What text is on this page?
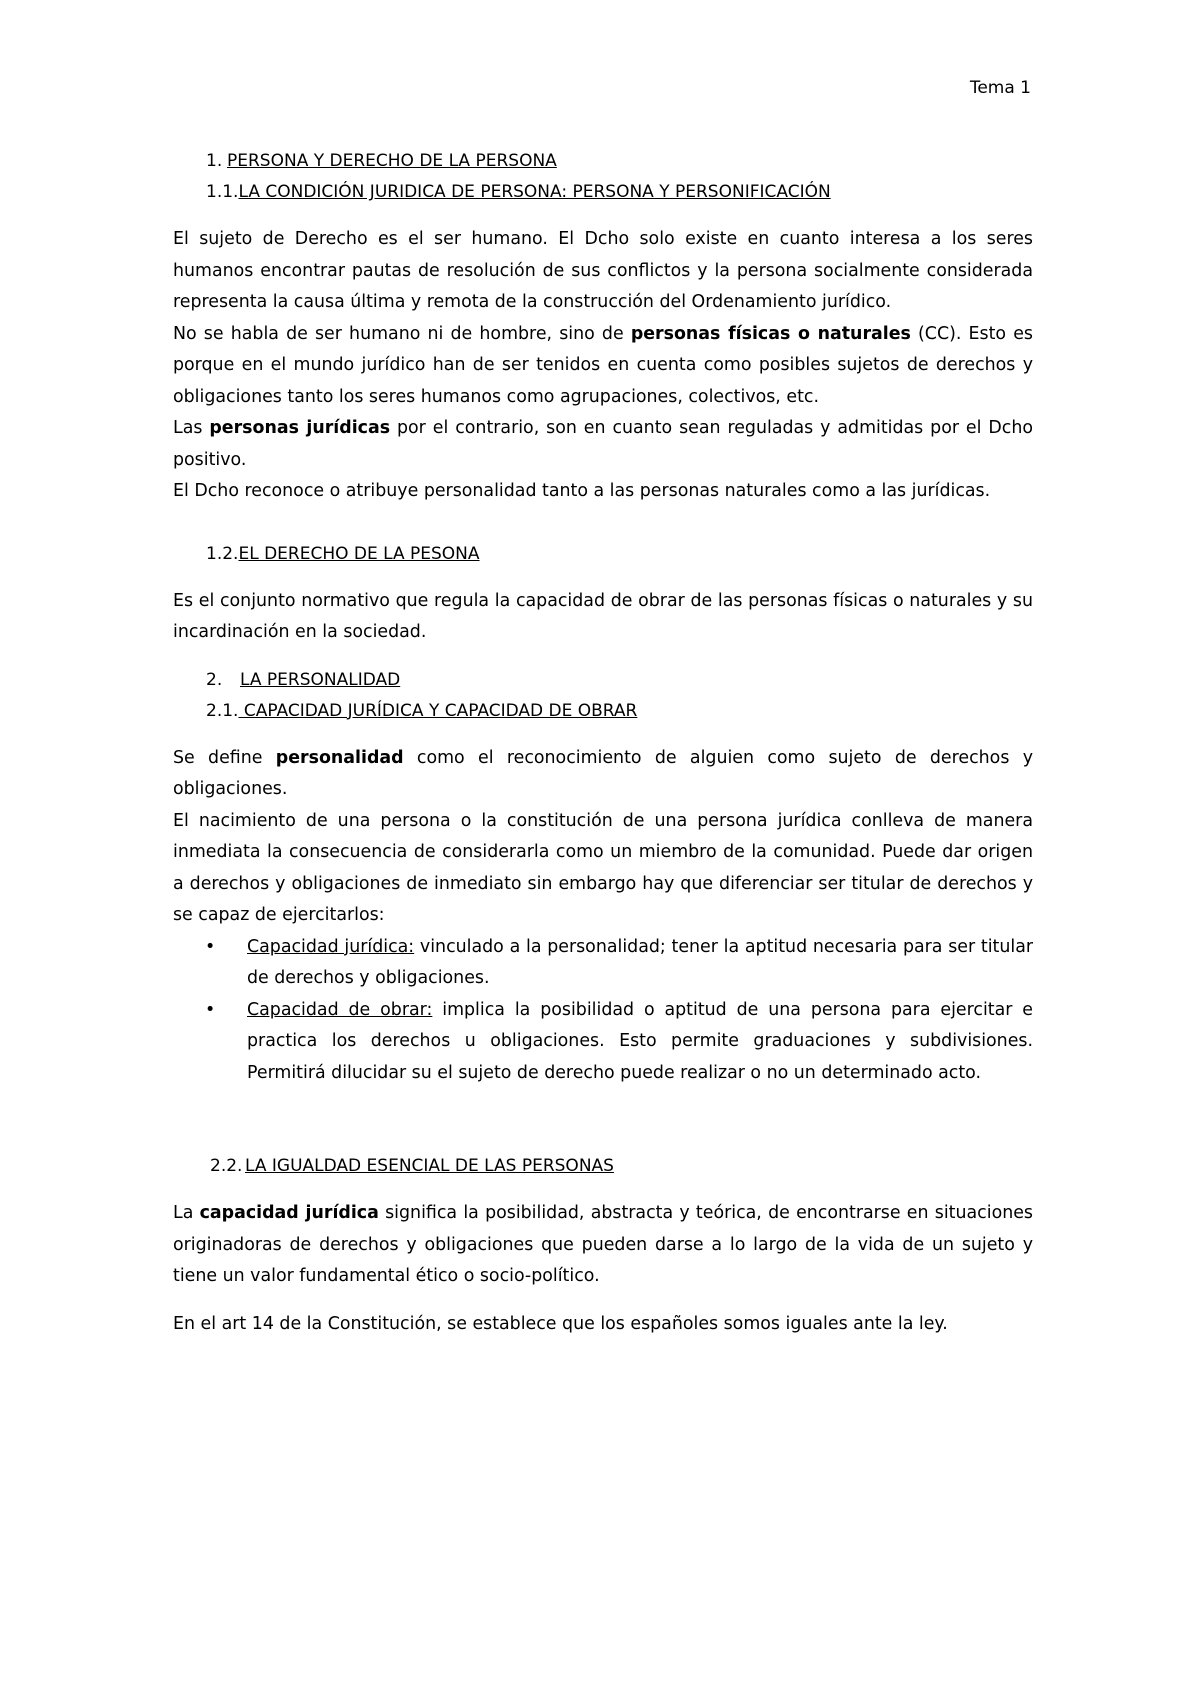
Tema 1
1. PERSONA Y DERECHO DE LA PERSONA
1.1.LA CONDICIÓN JURIDICA DE PERSONA: PERSONA Y PERSONIFICACIÓN

El sujeto de Derecho es el ser humano. El Dcho solo existe en cuanto interesa a los seres humanos encontrar pautas de resolución de sus conflictos y la persona socialmente considerada representa la causa última y remota de la construcción del Ordenamiento jurídico.

No se habla de ser humano ni de hombre, sino de personas físicas o naturales (CC). Esto es porque en el mundo jurídico han de ser tenidos en cuenta como posibles sujetos de derechos y obligaciones tanto los seres humanos como agrupaciones, colectivos, etc.

Las personas jurídicas por el contrario, son en cuanto sean reguladas y admitidas por el Dcho positivo.

El Dcho reconoce o atribuye personalidad tanto a las personas naturales como a las jurídicas.

1.2.EL DERECHO DE LA PESONA

Es el conjunto normativo que regula la capacidad de obrar de las personas físicas o naturales y su incardinación en la sociedad.

2. LA PERSONALIDAD
2.1. CAPACIDAD JURÍDICA Y CAPACIDAD DE OBRAR

Se define personalidad como el reconocimiento de alguien como sujeto de derechos y obligaciones.

El nacimiento de una persona o la constitución de una persona jurídica conlleva de manera inmediata la consecuencia de considerarla como un miembro de la comunidad. Puede dar origen a derechos y obligaciones de inmediato sin embargo hay que diferenciar ser titular de derechos y se capaz de ejercitarlos:

• Capacidad jurídica: vinculado a la personalidad; tener la aptitud necesaria para ser titular de derechos y obligaciones.
• Capacidad de obrar: implica la posibilidad o aptitud de una persona para ejercitar e practica los derechos u obligaciones. Esto permite graduaciones y subdivisiones. Permitirá dilucidar su el sujeto de derecho puede realizar o no un determinado acto.
2.2. LA IGUALDAD ESENCIAL DE LAS PERSONAS

La capacidad jurídica significa la posibilidad, abstracta y teórica, de encontrarse en situaciones originadoras de derechos y obligaciones que pueden darse a lo largo de la vida de un sujeto y tiene un valor fundamental ético o socio-político.

En el art 14 de la Constitución, se establece que los españoles somos iguales ante la ley.
